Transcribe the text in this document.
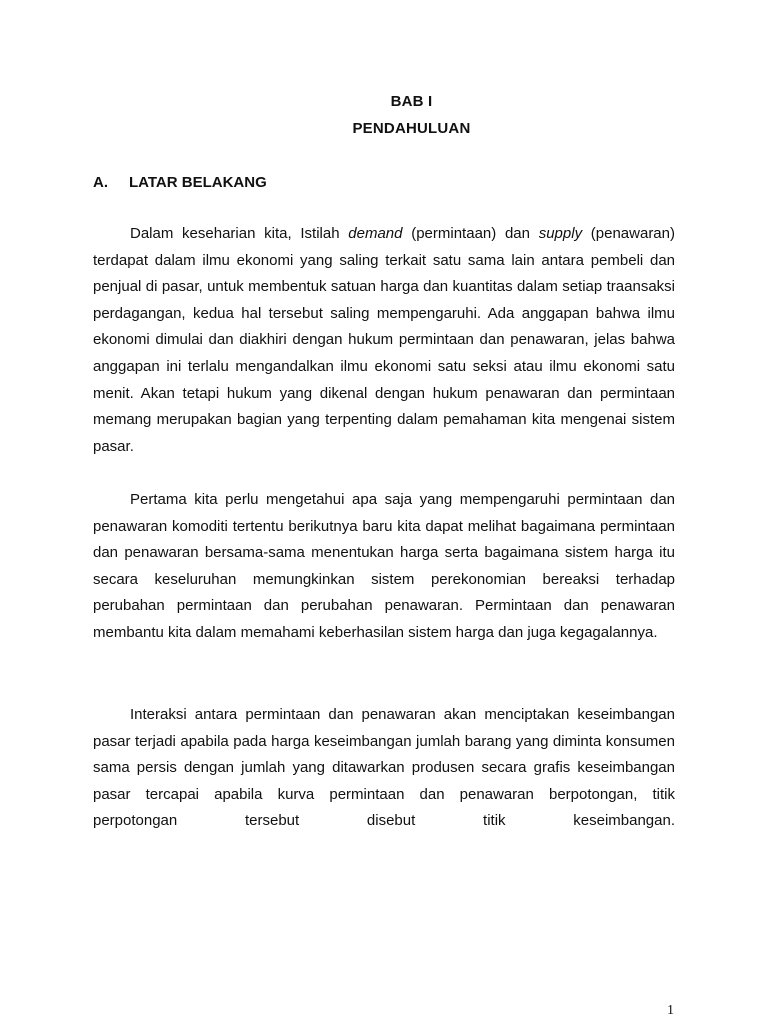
BAB I
PENDAHULUAN
A. LATAR BELAKANG

Dalam keseharian kita, Istilah demand (permintaan) dan supply (penawaran) terdapat dalam ilmu ekonomi yang saling terkait satu sama lain antara pembeli dan penjual di pasar, untuk membentuk satuan harga dan kuantitas dalam setiap traansaksi perdagangan, kedua hal tersebut saling mempengaruhi. Ada anggapan bahwa ilmu ekonomi dimulai dan diakhiri dengan hukum permintaan dan penawaran, jelas bahwa anggapan ini terlalu mengandalkan ilmu ekonomi satu seksi atau ilmu ekonomi satu menit. Akan tetapi hukum yang dikenal dengan hukum penawaran dan permintaan memang merupakan bagian yang terpenting dalam pemahaman kita mengenai sistem pasar.

Pertama kita perlu mengetahui apa saja yang mempengaruhi permintaan dan penawaran komoditi tertentu berikutnya baru kita dapat melihat bagaimana permintaan dan penawaran bersama-sama menentukan harga serta bagaimana sistem harga itu secara keseluruhan memungkinkan sistem perekonomian bereaksi terhadap perubahan permintaan dan perubahan penawaran. Permintaan dan penawaran membantu kita dalam memahami keberhasilan sistem harga dan juga kegagalannya.

Interaksi antara permintaan dan penawaran akan menciptakan keseimbangan pasar terjadi apabila pada harga keseimbangan jumlah barang yang diminta konsumen sama persis dengan jumlah yang ditawarkan produsen secara grafis keseimbangan pasar tercapai apabila kurva permintaan dan penawaran berpotongan, titik perpotongan tersebut disebut titik keseimbangan.

1
